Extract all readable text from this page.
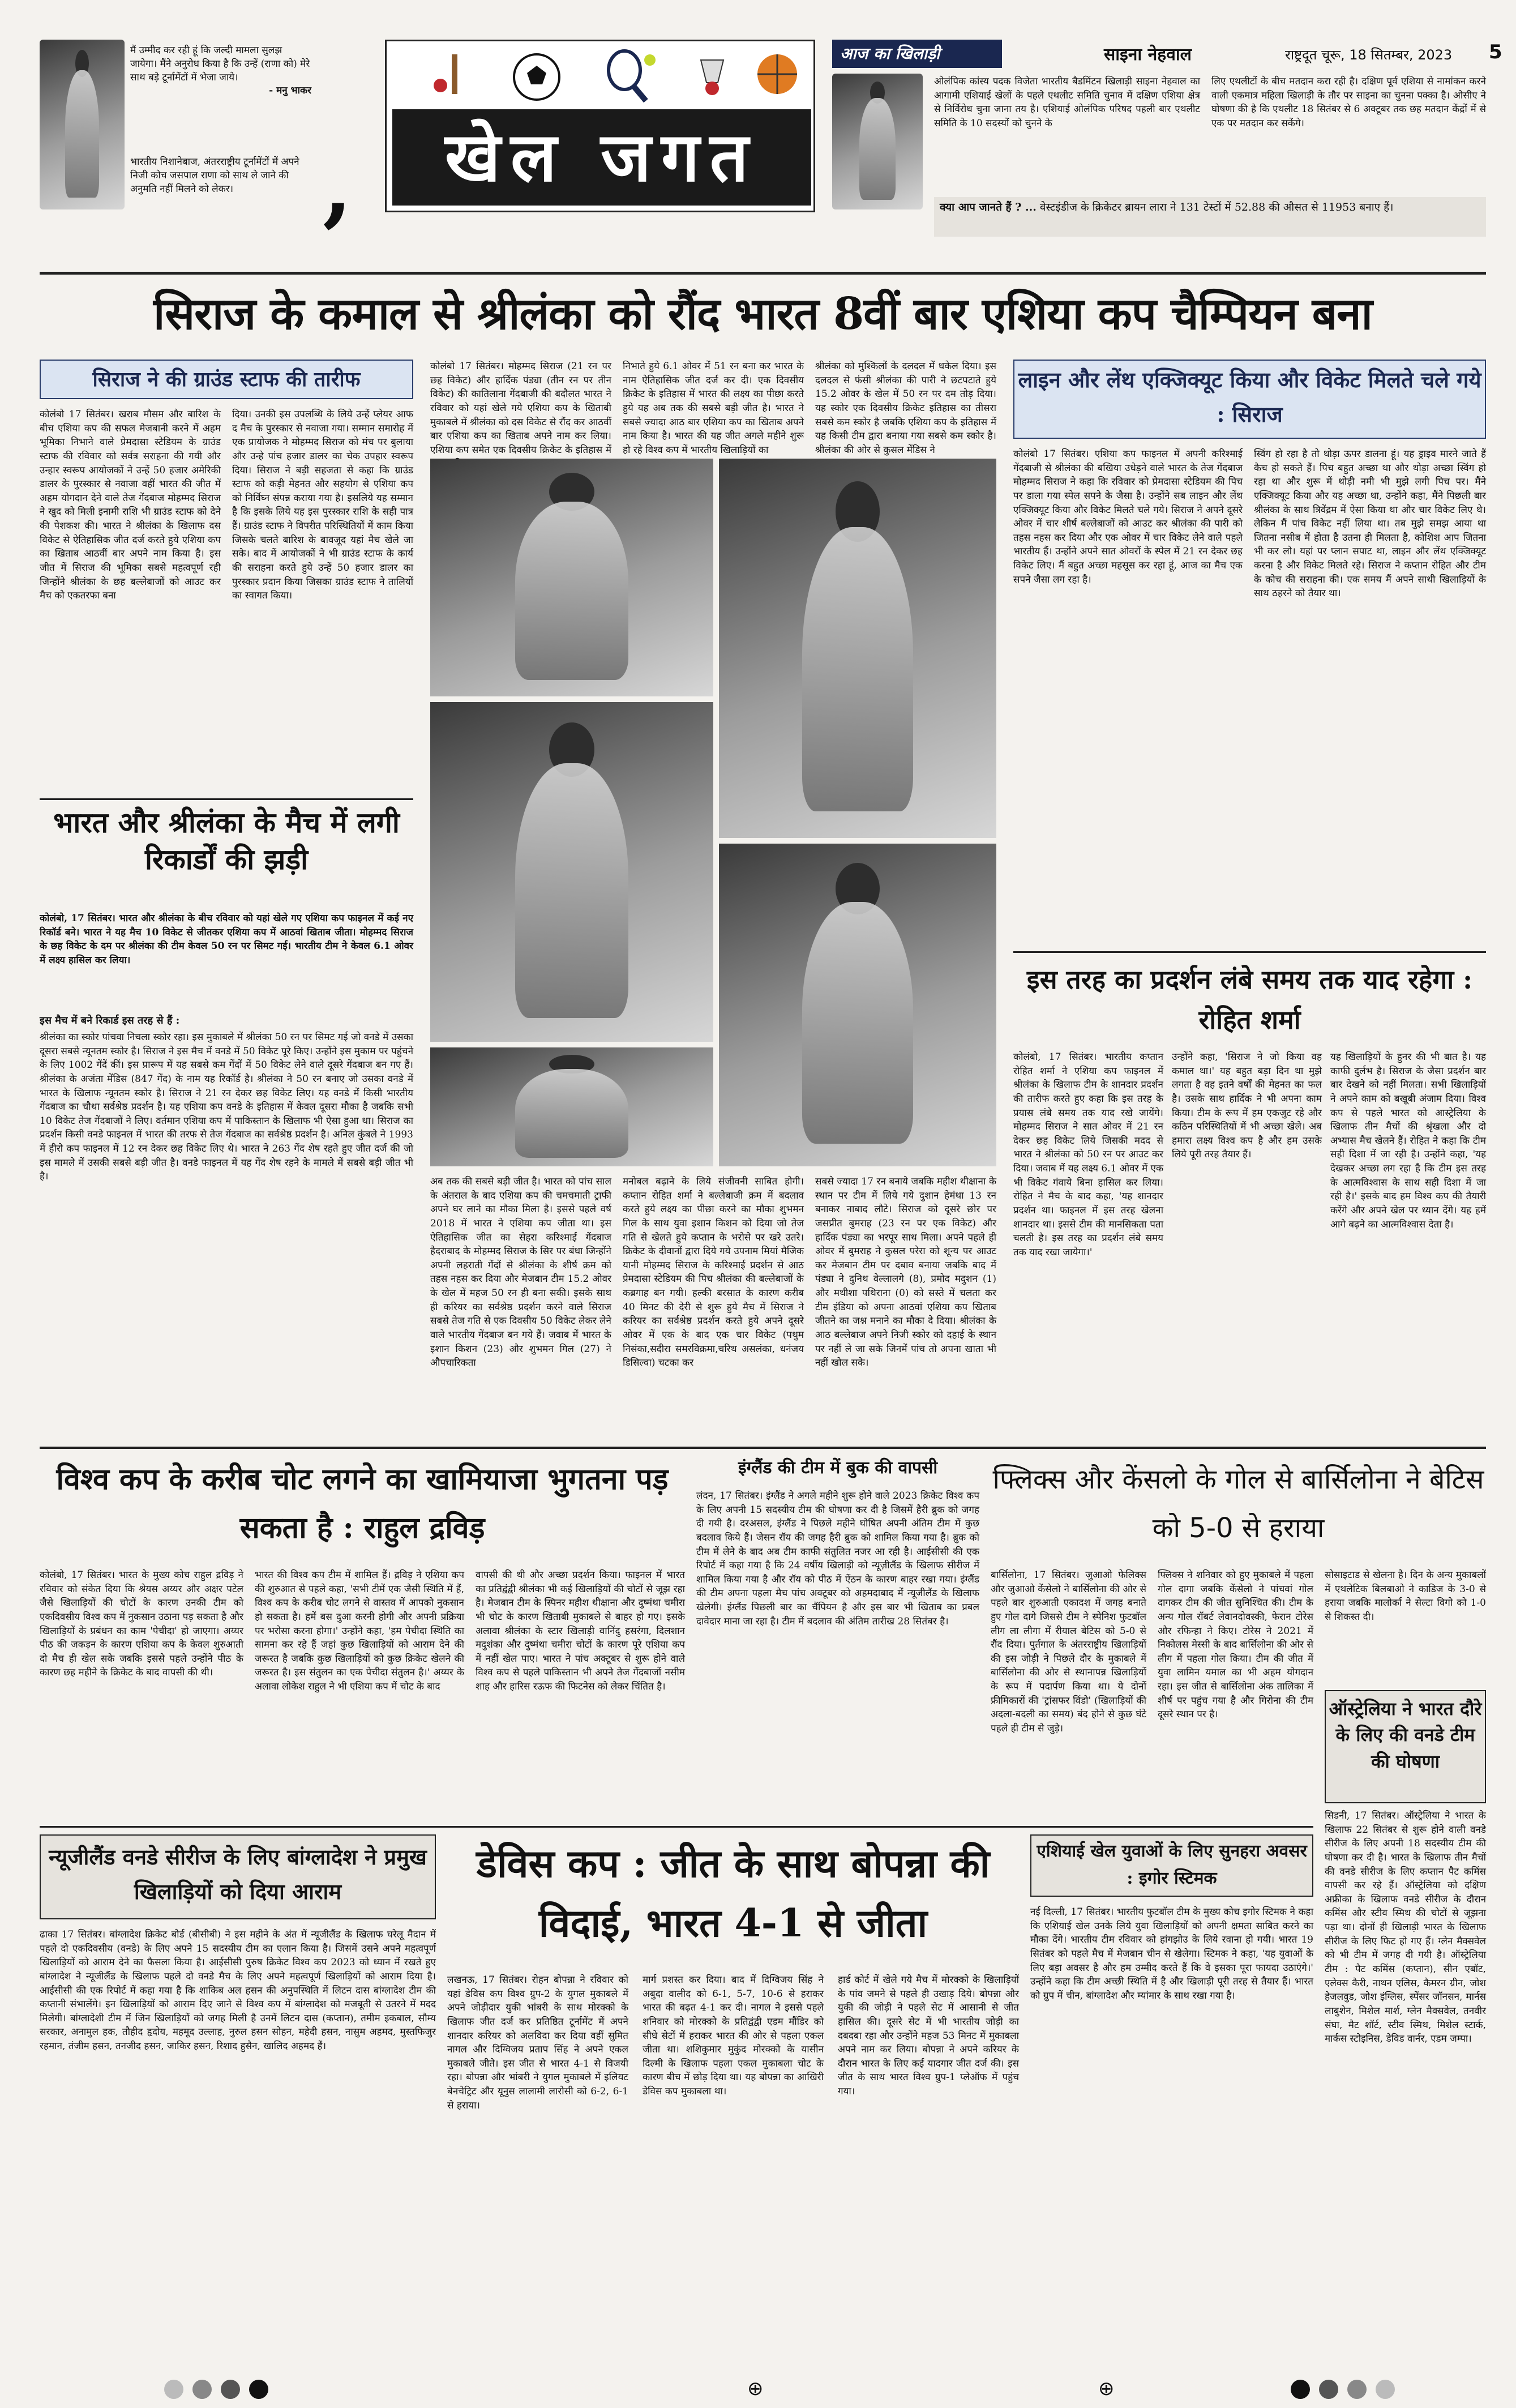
मैं उम्मीद कर रही हूं कि जल्दी मामला सुलझ जायेगा। मैंने अनुरोध किया है कि उन्हें (राणा को) मेरे साथ बड़े टूर्नामेंटों में भेजा जाये।
- मनु भाकर
भारतीय निशानेबाज, अंतरराष्ट्रीय टूर्नामेंटों में अपने निजी कोच जसपाल राणा को साथ ले जाने की अनुमति नहीं मिलने को लेकर।	,	खेल जगत
आज का खिलाड़ी	साइना नेहवाल	राष्ट्रदूत चूरू, 18 सितम्बर, 2023 5
ओलंपिक कांस्य पदक विजेता भारतीय बैडमिंटन खिलाड़ी साइना नेहवाल का आगामी एशियाई खेलों के पहले एथलीट समिति चुनाव में दक्षिण एशिया क्षेत्र से निर्विरोध चुना जाना तय है। एशियाई ओलंपिक परिषद पहली बार एथलीट समिति के 10 सदस्यों को चुनने के
लिए एथलीटों के बीच मतदान करा रही है। दक्षिण पूर्व एशिया से नामांकन करने वाली एकमात्र महिला खिलाड़ी के तौर पर साइना का चुनना पक्का है। ओसीए ने घोषणा की है कि एथलीट 18 सितंबर से 6 अक्टूबर तक छह मतदान केंद्रों में से एक पर मतदान कर सकेंगे।
क्या आप जानते हैं ? ... वेस्टइंडीज के क्रिकेटर ब्रायन लारा ने 131 टेस्टों में 52.88 की औसत से 11953 बनाए हैं।
सिराज के कमाल से श्रीलंका को रौंद भारत 8वीं बार एशिया कप चैम्पियन बना
सिराज ने की ग्राउंड स्टाफ की तारीफ
कोलंबो 17 सितंबर। खराब मौसम और बारिश के बीच एशिया कप की सफल मेजबानी करने में अहम भूमिका निभाने वाले प्रेमदासा स्टेडियम के ग्राउंड स्टाफ की रविवार को सर्वत्र सराहना की गयी और उन्हार स्वरूप आयोजकों ने उन्हें 50 हजार अमेरिकी डालर के पुरस्कार से नवाजा वहीं भारत की जीत में अहम योगदान देने वाले तेज गेंदबाज मोहम्मद सिराज ने खुद को मिली इनामी राशि भी ग्राउंड स्टाफ को देने की पेशकश की। भारत ने श्रीलंका के खिलाफ दस विकेट से ऐतिहासिक जीत दर्ज करते हुये एशिया कप का खिताब आठवीं बार अपने नाम किया है। इस जीत में सिराज की भूमिका सबसे महत्वपूर्ण रही जिन्होंने श्रीलंका के छह बल्लेबाजों को आउट कर मैच को एकतरफा बना
दिया। उनकी इस उपलब्धि के लिये उन्हें प्लेयर आफ द मैच के पुरस्कार से नवाजा गया। सम्मान समारोह में एक प्रायोजक ने मोहम्मद सिराज को मंच पर बुलाया और उन्हे पांच हजार डालर का चेक उपहार स्वरूप दिया। सिराज ने बड़ी सहजता से कहा कि ग्राउंड स्टाफ को कड़ी मेहनत और सहयोग से एशिया कप को निर्विघ्न संपन्न कराया गया है। इसलिये यह सम्मान है कि इसके लिये यह इस पुरस्कार राशि के सही पात्र हैं। ग्राउंड स्टाफ ने विपरीत परिस्थितियों में काम किया जिसके चलते बारिश के बावजूद यहां मैच खेले जा सके। बाद में आयोजकों ने भी ग्राउंड स्टाफ के कार्य की सराहना करते हुये उन्हें 50 हजार डालर का पुरस्कार प्रदान किया जिसका ग्राउंड स्टाफ ने तालियों का स्वागत किया।
भारत और श्रीलंका के मैच में लगी रिकार्डों की झड़ी
कोलंबो, 17 सितंबर। भारत और श्रीलंका के बीच रविवार को यहां खेले गए एशिया कप फाइनल में कई नए रिकॉर्ड बने। भारत ने यह मैच 10 विकेट से जीतकर एशिया कप में आठवां खिताब जीता। मोहम्मद सिराज के छह विकेट के दम पर श्रीलंका की टीम केवल 50 रन पर सिमट गई। भारतीय टीम ने केवल 6.1 ओवर में लक्ष्य हासिल कर लिया।
इस मैच में बने रिकार्ड इस तरह से हैं :
श्रीलंका का स्कोर पांचवा निचला स्कोर रहा। इस मुकाबले में श्रीलंका 50 रन पर सिमट गई जो वनडे में उसका दूसरा सबसे न्यूनतम स्कोर है। सिराज ने इस मैच में वनडे में 50 विकेट पूरे किए। उन्होंने इस मुकाम पर पहुंचने के लिए 1002 गेंदें कीं। इस प्रारूप में यह सबसे कम गेंदों में 50 विकेट लेने वाले दूसरे गेंदबाज बन गए हैं। श्रीलंका के अजंता मेंडिस (847 गेंद) के नाम यह रिकॉर्ड है। श्रीलंका ने 50 रन बनाए जो उसका वनडे में भारत के खिलाफ न्यूनतम स्कोर है। सिराज ने 21 रन देकर छह विकेट लिए। यह वनडे में किसी भारतीय गेंदबाज का चौथा सर्वश्रेष्ठ प्रदर्शन है। यह एशिया कप वनडे के इतिहास में केवल दूसरा मौका है जबकि सभी 10 विकेट तेज गेंदबाजों ने लिए। वर्तमान एशिया कप में पाकिस्तान के खिलाफ भी ऐसा हुआ था। सिराज का प्रदर्शन किसी वनडे फाइनल में भारत की तरफ से तेज गेंदबाज का सर्वश्रेष्ठ प्रदर्शन है। अनिल कुंबले ने 1993 में हीरो कप फाइनल में 12 रन देकर छह विकेट लिए थे। भारत ने 263 गेंद शेष रहते हुए जीत दर्ज की जो इस मामले में उसकी सबसे बड़ी जीत है। वनडे फाइनल में यह गेंद शेष रहने के मामले में सबसे बड़ी जीत भी है।
कोलंबो 17 सितंबर। मोहम्मद सिराज (21 रन पर छह विकेट) और हार्दिक पंड्या (तीन रन पर तीन विकेट) की कातिलाना गेंदबाजी की बदौलत भारत ने रविवार को यहां खेले गये एशिया कप के खिताबी मुकाबले में श्रीलंका को दस विकेट से रौंद कर आठवीं बार एशिया कप का खिताब अपने नाम कर लिया। एशिया कप समेत एक दिवसीय क्रिकेट के इतिहास में
निभाते हुये 6.1 ओवर में 51 रन बना कर भारत के नाम ऐतिहासिक जीत दर्ज कर दी। एक दिवसीय क्रिकेट के इतिहास में भारत की लक्ष्य का पीछा करते हुये यह अब तक की सबसे बड़ी जीत है। भारत ने सबसे ज्यादा आठ बार एशिया कप का खिताब अपने नाम किया है। भारत की यह जीत अगले महीने शुरू हो रहे विश्व कप में भारतीय खिलाड़ियों का
श्रीलंका को मुश्किलों के दलदल में धकेल दिया। इस दलदल से फंसी श्रीलंका की पारी ने छटपटाते हुये 15.2 ओवर के खेल में 50 रन पर दम तोड़ दिया। यह स्कोर एक दिवसीय क्रिकेट इतिहास का तीसरा सबसे कम स्कोर है जबकि एशिया कप के इतिहास में यह किसी टीम द्वारा बनाया गया सबसे कम स्कोर है। श्रीलंका की ओर से कुसल मेंडिस ने
अब तक की सबसे बड़ी जीत है। भारत को पांच साल के अंतराल के बाद एशिया कप की चमचमाती ट्राफी अपने घर लाने का मौका मिला है। इससे पहले वर्ष 2018 में भारत ने एशिया कप जीता था। इस ऐतिहासिक जीत का सेहरा करिश्माई गेंदबाज हैदराबाद के मोहम्मद सिराज के सिर पर बंधा जिन्होंने अपनी लहराती गेंदों से श्रीलंका के शीर्ष क्रम को तहस नहस कर दिया और मेजबान टीम 15.2 ओवर के खेल में महज 50 रन ही बना सकी। इसके साथ ही करियर का सर्वश्रेष्ठ प्रदर्शन करने वाले सिराज सबसे तेज गति से एक दिवसीय 50 विकेट लेकर लेने वाले भारतीय गेंदबाज बन गये हैं। जवाब में भारत के इशान किशन (23) और शुभमन गिल (27) ने औपचारिकता
मनोबल बढ़ाने के लिये संजीवनी साबित होगी। कप्तान रोहित शर्मा ने बल्लेबाजी क्रम में बदलाव करते हुये लक्ष्य का पीछा करने का मौका शुभमन गिल के साथ युवा इशान किशन को दिया जो तेज गति से खेलते हुये कप्तान के भरोसे पर खरे उतरे। क्रिकेट के दीवानों द्वारा दिये गये उपनाम मियां मैजिक यानी मोहम्मद सिराज के करिश्माई प्रदर्शन से आठ प्रेमदासा स्टेडियम की पिच श्रीलंका की बल्लेबाजों के कब्रगाह बन गयी। हल्की बरसात के कारण करीब 40 मिनट की देरी से शुरू हुये मैच में सिराज ने करियर का सर्वश्रेष्ठ प्रदर्शन करते हुये अपने दूसरे ओवर में एक के बाद एक चार विकेट (पथुम निसंका,सदीरा समरविक्रमा,चरिथ असलंका, धनंजय डिसिल्वा) चटका कर
सबसे ज्यादा 17 रन बनाये जबकि महीश थीक्षाना के स्थान पर टीम में लिये गये दुशान हेमंथा 13 रन बनाकर नाबाद लौटे। सिराज को दूसरे छोर पर जसप्रीत बुमराह (23 रन पर एक विकेट) और हार्दिक पंड्या का भरपूर साथ मिला। अपने पहले ही ओवर में बुमराह ने कुसल परेरा को शून्य पर आउट कर मेजबान टीम पर दबाव बनाया जबकि बाद में पंड्या ने दुनिथ वेल्लालगे (8), प्रमोद मदुशन (1) और मथीशा पथिराना (0) को सस्ते में चलता कर टीम इंडिया को अपना आठवां एशिया कप खिताब जीतने का जश्न मनाने का मौका दे दिया। श्रीलंका के आठ बल्लेबाज अपने निजी स्कोर को दहाई के स्थान पर नहीं ले जा सके जिनमें पांच तो अपना खाता भी नहीं खोल सके।
लाइन और लेंथ एक्जिक्यूट किया और विकेट मिलते चले गये : सिराज
कोलंबो 17 सितंबर। एशिया कप फाइनल में अपनी करिश्माई गेंदबाजी से श्रीलंका की बखिया उधेड़ने वाले भारत के तेज गेंदबाज मोहम्मद सिराज ने कहा कि रविवार को प्रेमदासा स्टेडियम की पिच पर डाला गया स्पेल सपने के जैसा है। उन्होंने सब लाइन और लेंथ एक्जिक्यूट किया और विकेट मिलते चले गये। सिराज ने अपने दूसरे ओवर में चार शीर्ष बल्लेबाजों को आउट कर श्रीलंका की पारी को तहस नहस कर दिया और एक ओवर में चार विकेट लेने वाले पहले भारतीय हैं। उन्होंने अपने सात ओवरों के स्पेल में 21 रन देकर छह विकेट लिए। मैं बहुत अच्छा महसूस कर रहा हूं, आज का मैच एक सपने जैसा लग रहा है।
स्विंग हो रहा है तो थोड़ा ऊपर डालना हूं। यह ड्राइव मारने जाते हैं कैच हो सकते हैं। पिच बहुत अच्छा था और थोड़ा अच्छा स्विंग हो रहा था और शुरू में थोड़ी नमी भी मुझे लगी पिच पर। मैंने एक्जिक्यूट किया और यह अच्छा था, उन्होंने कहा, मैंने पिछली बार श्रीलंका के साथ त्रिवेंद्रम में ऐसा किया था और चार विकेट लिए थे। लेकिन मैं पांच विकेट नहीं लिया था। तब मुझे समझ आया था जितना नसीब में होता है उतना ही मिलता है, कोशिश आप जितना भी कर लो। यहां पर प्लान सपाट था, लाइन और लेंथ एक्जिक्यूट करना है और विकेट मिलते रहे। सिराज ने कप्तान रोहित और टीम के कोच की सराहना की। एक समय मैं अपने साथी खिलाड़ियों के साथ ठहरने को तैयार था।
इस तरह का प्रदर्शन लंबे समय तक याद रहेगा : रोहित शर्मा
कोलंबो, 17 सितंबर। भारतीय कप्तान रोहित शर्मा ने एशिया कप फाइनल में श्रीलंका के खिलाफ टीम के शानदार प्रदर्शन की तारीफ करते हुए कहा कि इस तरह के प्रयास लंबे समय तक याद रखे जायेंगे। मोहम्मद सिराज ने सात ओवर में 21 रन देकर छह विकेट लिये जिसकी मदद से भारत ने श्रीलंका को 50 रन पर आउट कर दिया। जवाब में यह लक्ष्य 6.1 ओवर में एक भी विकेट गंवाये बिना हासिल कर लिया। रोहित ने मैच के बाद कहा, 'यह शानदार प्रदर्शन था। फाइनल में इस तरह खेलना शानदार था। इससे टीम की मानसिकता पता चलती है। इस तरह का प्रदर्शन लंबे समय तक याद रखा जायेगा।'
उन्होंने कहा, 'सिराज ने जो किया वह कमाल था।' यह बहुत बड़ा दिन था मुझे लगता है वह इतने वर्षों की मेहनत का फल है। उसके साथ हार्दिक ने भी अपना काम किया। टीम के रूप में हम एकजुट रहे और कठिन परिस्थितियों में भी अच्छा खेले। अब हमारा लक्ष्य विश्व कप है और हम उसके लिये पूरी तरह तैयार हैं।
यह खिलाड़ियों के हुनर की भी बात है। यह काफी दुर्लभ है। सिराज के जैसा प्रदर्शन बार बार देखने को नहीं मिलता। सभी खिलाड़ियों ने अपने काम को बखूबी अंजाम दिया। विश्व कप से पहले भारत को आस्ट्रेलिया के खिलाफ तीन मैचों की श्रृंखला और दो अभ्यास मैच खेलने हैं। रोहित ने कहा कि टीम सही दिशा में जा रही है। उन्होंने कहा, 'यह देखकर अच्छा लग रहा है कि टीम इस तरह के आत्मविश्वास के साथ सही दिशा में जा रही है।' इसके बाद हम विश्व कप की तैयारी करेंगे और अपने खेल पर ध्यान देंगे। यह हमें आगे बढ़ने का आत्मविश्वास देता है।
विश्व कप के करीब चोट लगने का खामियाजा भुगतना पड़ सकता है : राहुल द्रविड़
कोलंबो, 17 सितंबर। भारत के मुख्य कोच राहुल द्रविड़ ने रविवार को संकेत दिया कि श्रेयस अय्यर और अक्षर पटेल जैसे खिलाड़ियों की चोटों के कारण उनकी टीम को एकदिवसीय विश्व कप में नुकसान उठाना पड़ सकता है और खिलाड़ियों के प्रबंधन का काम 'पेचीदा' हो जाएगा। अय्यर पीठ की जकड़न के कारण एशिया कप के केवल शुरुआती दो मैच ही खेल सके जबकि इससे पहले उन्होंने पीठ के कारण छह महीने के क्रिकेट के बाद वापसी की थी।
भारत की विश्व कप टीम में शामिल हैं। द्रविड़ ने एशिया कप की शुरुआत से पहले कहा, 'सभी टीमें एक जैसी स्थिति में हैं, विश्व कप के करीब चोट लगने से वास्तव में आपको नुकसान हो सकता है। हमें बस दुआ करनी होगी और अपनी प्रक्रिया पर भरोसा करना होगा।' उन्होंने कहा, 'हम पेचीदा स्थिति का सामना कर रहे हैं जहां कुछ खिलाड़ियों को आराम देने की जरूरत है जबकि कुछ खिलाड़ियों को कुछ क्रिकेट खेलने की जरूरत है। इस संतुलन का एक पेचीदा संतुलन है।' अय्यर के अलावा लोकेश राहुल ने भी एशिया कप में चोट के बाद
वापसी की थी और अच्छा प्रदर्शन किया। फाइनल में भारत का प्रतिद्वंद्वी श्रीलंका भी कई खिलाड़ियों की चोटों से जूझ रहा है। मेजबान टीम के स्पिनर महीश थीक्षाना और दुष्मंथा चमीरा भी चोट के कारण खिताबी मुकाबले से बाहर हो गए। इसके अलावा श्रीलंका के स्टार खिलाड़ी वानिंदु हसरंगा, दिलशान मदुशंका और दुष्मंथा चमीरा चोटों के कारण पूरे एशिया कप में नहीं खेल पाए। भारत ने पांच अक्टूबर से शुरू होने वाले विश्व कप से पहले पाकिस्तान भी अपने तेज गेंदबाजों नसीम शाह और हारिस रऊफ की फिटनेस को लेकर चिंतित है।
इंग्लैंड की टीम में बुक की वापसी
लंदन, 17 सितंबर। इंग्लैंड ने अगले महीने शुरू होने वाले 2023 क्रिकेट विश्व कप के लिए अपनी 15 सदस्यीय टीम की घोषणा कर दी है जिसमें हैरी ब्रुक को जगह दी गयी है। दरअसल, इंग्लैंड ने पिछले महीने घोषित अपनी अंतिम टीम में कुछ बदलाव किये हैं। जेसन रॉय की जगह हैरी ब्रुक को शामिल किया गया है। ब्रुक को टीम में लेने के बाद अब टीम काफी संतुलित नजर आ रही है। आईसीसी की एक रिपोर्ट में कहा गया है कि 24 वर्षीय खिलाड़ी को न्यूज़ीलैंड के खिलाफ सीरीज में शामिल किया गया है और रॉय को पीठ में ऐंठन के कारण बाहर रखा गया। इंग्लैंड की टीम अपना पहला मैच पांच अक्टूबर को अहमदाबाद में न्यूजीलैंड के खिलाफ खेलेगी। इंग्लैंड पिछली बार का चैंपियन है और इस बार भी खिताब का प्रबल दावेदार माना जा रहा है। टीम में बदलाव की अंतिम तारीख 28 सितंबर है।
फ्लिक्स और केंसलो के गोल से बार्सिलोना ने बेटिस को 5-0 से हराया
बार्सिलोना, 17 सितंबर। जुआओ फेलिक्स और जुआओ केंसेलो ने बार्सिलोना की ओर से पहले बार शुरुआती एकादश में जगह बनाते हुए गोल दागे जिससे टीम ने स्पेनिश फुटबॉल लीग ला लीगा में रीयाल बेटिस को 5-0 से रौंद दिया। पुर्तगाल के अंतरराष्ट्रीय खिलाड़ियों की इस जोड़ी ने पिछले दौर के मुकाबले में बार्सिलोना की ओर से स्थानापन्न खिलाड़ियों के रूप में पदार्पण किया था। ये दोनों फ्रीमिकारों की 'ट्रांसफर विंडो' (खिलाड़ियों की अदला-बदली का समय) बंद होने से कुछ घंटे पहले ही टीम से जुड़े।
फ्लिक्स ने शनिवार को हुए मुकाबले में पहला गोल दागा जबकि केंसेलो ने पांचवां गोल दागकर टीम की जीत सुनिश्चित की। टीम के अन्य गोल रॉबर्ट लेवानदोवस्की, फेरान टोरेस और रफिन्हा ने किए। टोरेस ने 2021 में निकोलस मेस्सी के बाद बार्सिलोना की ओर से लीग में पहला गोल किया। टीम की जीत में युवा लामिन यमाल का भी अहम योगदान रहा। इस जीत से बार्सिलोना अंक तालिका में शीर्ष पर पहुंच गया है और गिरोना की टीम दूसरे स्थान पर है।
सोसाइटाड से खेलना है। दिन के अन्य मुकाबलों में एथलेटिक बिलबाओ ने काडिज के 3-0 से हराया जबकि मालोर्का ने सेल्टा विगो को 1-0 से शिकस्त दी।
ऑस्ट्रेलिया ने भारत दौरे के लिए की वनडे टीम की घोषणा
सिडनी, 17 सितंबर। ऑस्ट्रेलिया ने भारत के खिलाफ 22 सितंबर से शुरू होने वाली वनडे सीरीज के लिए अपनी 18 सदस्यीय टीम की घोषणा कर दी है। भारत के खिलाफ तीन मैचों की वनडे सीरीज के लिए कप्तान पैट कमिंस वापसी कर रहे हैं। ऑस्ट्रेलिया को दक्षिण अफ्रीका के खिलाफ वनडे सीरीज के दौरान कमिंस और स्टीव स्मिथ की चोटों से जूझना पड़ा था। दोनों ही खिलाड़ी भारत के खिलाफ सीरीज के लिए फिट हो गए हैं। ग्लेन मैक्सवेल को भी टीम में जगह दी गयी है। ऑस्ट्रेलिया टीम : पैट कमिंस (कप्तान), सीन एबॉट, एलेक्स कैरी, नाथन एलिस, कैमरन ग्रीन, जोश हेजलवुड, जोश इंग्लिस, स्पेंसर जॉनसन, मार्नस लाबुशेन, मिशेल मार्श, ग्लेन मैक्सवेल, तनवीर संघा, मैट शॉर्ट, स्टीव स्मिथ, मिशेल स्टार्क, मार्कस स्टोइनिस, डेविड वार्नर, एडम जम्पा।
न्यूजीलैंड वनडे सीरीज के लिए बांग्लादेश ने प्रमुख खिलाड़ियों को दिया आराम
ढाका 17 सितंबर। बांग्लादेश क्रिकेट बोर्ड (बीसीबी) ने इस महीने के अंत में न्यूजीलैंड के खिलाफ घरेलू मैदान में पहले दो एकदिवसीय (वनडे) के लिए अपने 15 सदस्यीय टीम का एलान किया है। जिसमें उसने अपने महत्वपूर्ण खिलाड़ियों को आराम देने का फैसला किया है। आईसीसी पुरुष क्रिकेट विश्व कप 2023 को ध्यान में रखते हुए बांग्लादेश ने न्यूजीलैंड के खिलाफ पहले दो वनडे मैच के लिए अपने महत्वपूर्ण खिलाड़ियों को आराम दिया है। आईसीसी की एक रिपोर्ट में कहा गया है कि शाकिब अल हसन की अनुपस्थिति में लिटन दास बांग्लादेश टीम की कप्तानी संभालेंगे। इन खिलाड़ियों को आराम दिए जाने से विश्व कप में बांग्लादेश को मजबूती से उतरने में मदद मिलेगी। बांग्लादेशी टीम में जिन खिलाड़ियों को जगह मिली है उनमें लिटन दास (कप्तान), तमीम इकबाल, सौम्य सरकार, अनामुल हक, तौहीद हृदोय, महमूद उल्लाह, नुरुल हसन सोहन, महेदी हसन, नासुम अहमद, मुस्तफिजुर रहमान, तंजीम हसन, तनजीद हसन, जाकिर हसन, रिशाद हुसैन, खालिद अहमद हैं।
डेविस कप : जीत के साथ बोपन्ना की विदाई, भारत 4-1 से जीता
लखनऊ, 17 सितंबर। रोहन बोपन्ना ने रविवार को यहां डेविस कप विश्व ग्रुप-2 के युगल मुकाबले में अपने जोड़ीदार युकी भांबरी के साथ मोरक्को के खिलाफ जीत दर्ज कर प्रतिष्ठित टूर्नामेंट में अपने शानदार करियर को अलविदा कर दिया वहीं सुमित नागल और दिग्विजय प्रताप सिंह ने अपने एकल मुकाबले जीते। इस जीत से भारत 4-1 से विजयी रहा। बोपन्ना और भांबरी ने युगल मुकाबले में इलियट बेनचेट्रिट और यूनुस लालामी लारोसी को 6-2, 6-1 से हराया।
मार्ग प्रशस्त कर दिया। बाद में दिग्विजय सिंह ने अबुदा वालीद को 6-1, 5-7, 10-6 से हराकर भारत की बढ़त 4-1 कर दी। नागल ने इससे पहले शनिवार को मोरक्को के प्रतिद्वंद्वी एडम मौंडिर को सीधे सेटों में हराकर भारत की ओर से पहला एकल जीता था। शशिकुमार मुकुंद मोरक्को के यासीन दिल्मी के खिलाफ पहला एकल मुकाबला चोट के कारण बीच में छोड़ दिया था। यह बोपन्ना का आखिरी डेविस कप मुकाबला था।
हार्ड कोर्ट में खेले गये मैच में मोरक्को के खिलाड़ियों के पांव जमने से पहले ही उखाड़ दिये। बोपन्ना और युकी की जोड़ी ने पहले सेट में आसानी से जीत हासिल की। दूसरे सेट में भी भारतीय जोड़ी का दबदबा रहा और उन्होंने महज 53 मिनट में मुकाबला अपने नाम कर लिया। बोपन्ना ने अपने करियर के दौरान भारत के लिए कई यादगार जीत दर्ज की। इस जीत के साथ भारत विश्व ग्रुप-1 प्लेऑफ में पहुंच गया।
एशियाई खेल युवाओं के लिए सुनहरा अवसर : इगोर स्टिमक
नई दिल्ली, 17 सितंबर। भारतीय फुटबॉल टीम के मुख्य कोच इगोर स्टिमक ने कहा कि एशियाई खेल उनके लिये युवा खिलाड़ियों को अपनी क्षमता साबित करने का मौका देंगे। भारतीय टीम रविवार को हांगझोउ के लिये रवाना हो गयी। भारत 19 सितंबर को पहले मैच में मेजबान चीन से खेलेगा। स्टिमक ने कहा, 'यह युवाओं के लिए बड़ा अवसर है और हम उम्मीद करते हैं कि वे इसका पूरा फायदा उठाएंगे।' उन्होंने कहा कि टीम अच्छी स्थिति में है और खिलाड़ी पूरी तरह से तैयार हैं। भारत को ग्रुप में चीन, बांग्लादेश और म्यांमार के साथ रखा गया है।
⊕	⊕
